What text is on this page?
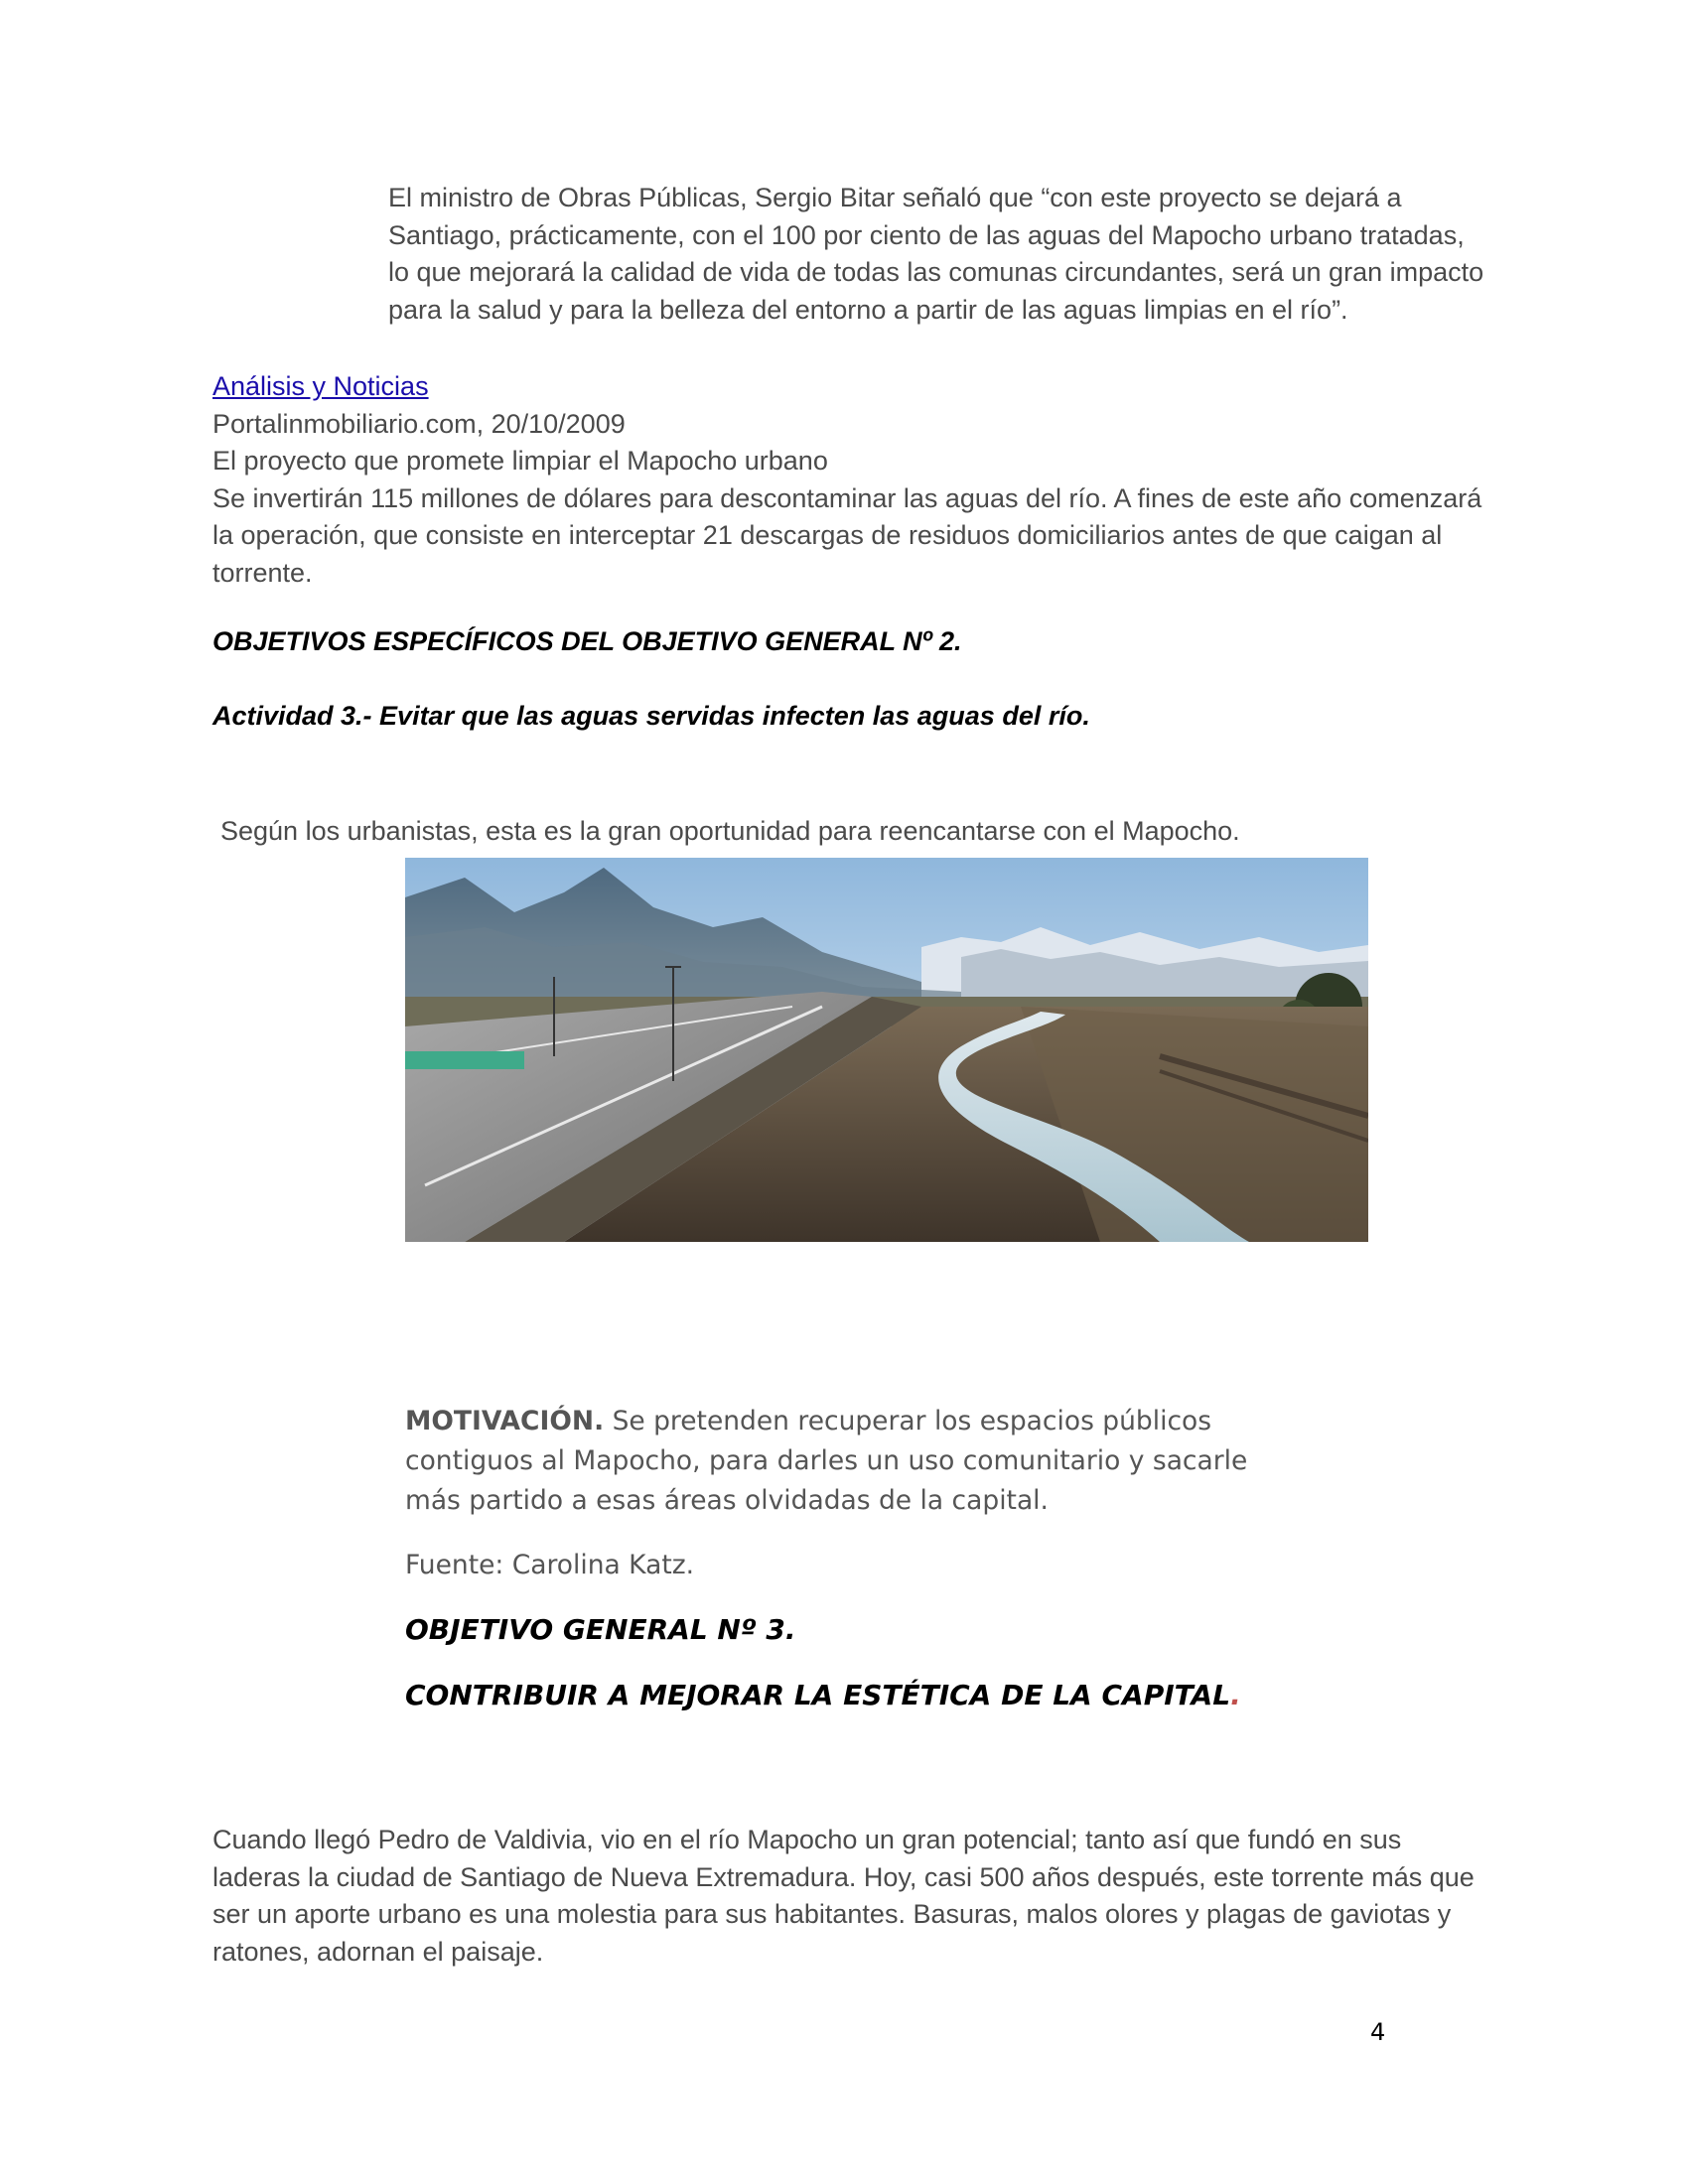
El ministro de Obras Públicas, Sergio Bitar señaló que “con este proyecto se dejará a
Santiago, prácticamente, con el 100 por ciento de las aguas del Mapocho urbano tratadas,
lo que mejorará la calidad de vida de todas las comunas circundantes, será un gran impacto
para la salud y para la belleza del entorno a partir de las aguas limpias en el río”.
Análisis y Noticias
Portalinmobiliario.com, 20/10/2009
El proyecto que promete limpiar el Mapocho urbano
Se invertirán 115 millones de dólares para descontaminar las aguas del río. A fines de este año comenzará
la operación, que consiste en interceptar 21 descargas de residuos domiciliarios antes de que caigan al
torrente.
OBJETIVOS ESPECÍFICOS DEL OBJETIVO GENERAL Nº 2.
Actividad 3.- Evitar que las aguas servidas infecten las aguas del río.
Según los urbanistas, esta es la gran oportunidad para reencantarse con el Mapocho.
MOTIVACIÓN. Se pretenden recuperar los espacios públicos
contiguos al Mapocho, para darles un uso comunitario y sacarle
más partido a esas áreas olvidadas de la capital.
Fuente: Carolina Katz.
OBJETIVO GENERAL Nº 3.
CONTRIBUIR A MEJORAR LA ESTÉTICA DE LA CAPITAL.
Cuando llegó Pedro de Valdivia, vio en el río Mapocho un gran potencial; tanto así que fundó en sus
laderas la ciudad de Santiago de Nueva Extremadura. Hoy, casi 500 años después, este torrente más que
ser un aporte urbano es una molestia para sus habitantes. Basuras, malos olores y plagas de gaviotas y
ratones, adornan el paisaje.
4
